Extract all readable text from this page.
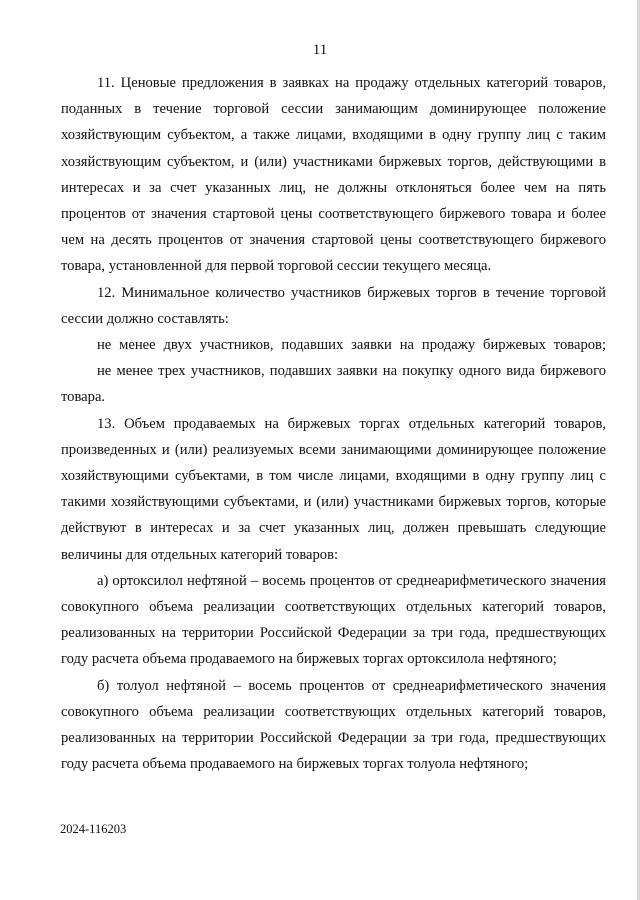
11

11. Ценовые предложения в заявках на продажу отдельных категорий товаров, поданных в течение торговой сессии занимающим доминирующее положение хозяйствующим субъектом, а также лицами, входящими в одну группу лиц с таким хозяйствующим субъектом, и (или) участниками биржевых торгов, действующими в интересах и за счет указанных лиц, не должны отклоняться более чем на пять процентов от значения стартовой цены соответствующего биржевого товара и более чем на десять процентов от значения стартовой цены соответствующего биржевого товара, установленной для первой торговой сессии текущего месяца.

12. Минимальное количество участников биржевых торгов в течение торговой сессии должно составлять:

не менее двух участников, подавших заявки на продажу биржевых товаров;

не менее трех участников, подавших заявки на покупку одного вида биржевого товара.

13. Объем продаваемых на биржевых торгах отдельных категорий товаров, произведенных и (или) реализуемых всеми занимающими доминирующее положение хозяйствующими субъектами, в том числе лицами, входящими в одну группу лиц с такими хозяйствующими субъектами, и (или) участниками биржевых торгов, которые действуют в интересах и за счет указанных лиц, должен превышать следующие величины для отдельных категорий товаров:

а) ортоксилол нефтяной – восемь процентов от среднеарифметического значения совокупного объема реализации соответствующих отдельных категорий товаров, реализованных на территории Российской Федерации за три года, предшествующих году расчета объема продаваемого на биржевых торгах ортоксилола нефтяного;

б) толуол нефтяной – восемь процентов от среднеарифметического значения совокупного объема реализации соответствующих отдельных категорий товаров, реализованных на территории Российской Федерации за три года, предшествующих году расчета объема продаваемого на биржевых торгах толуола нефтяного;

2024-116203
